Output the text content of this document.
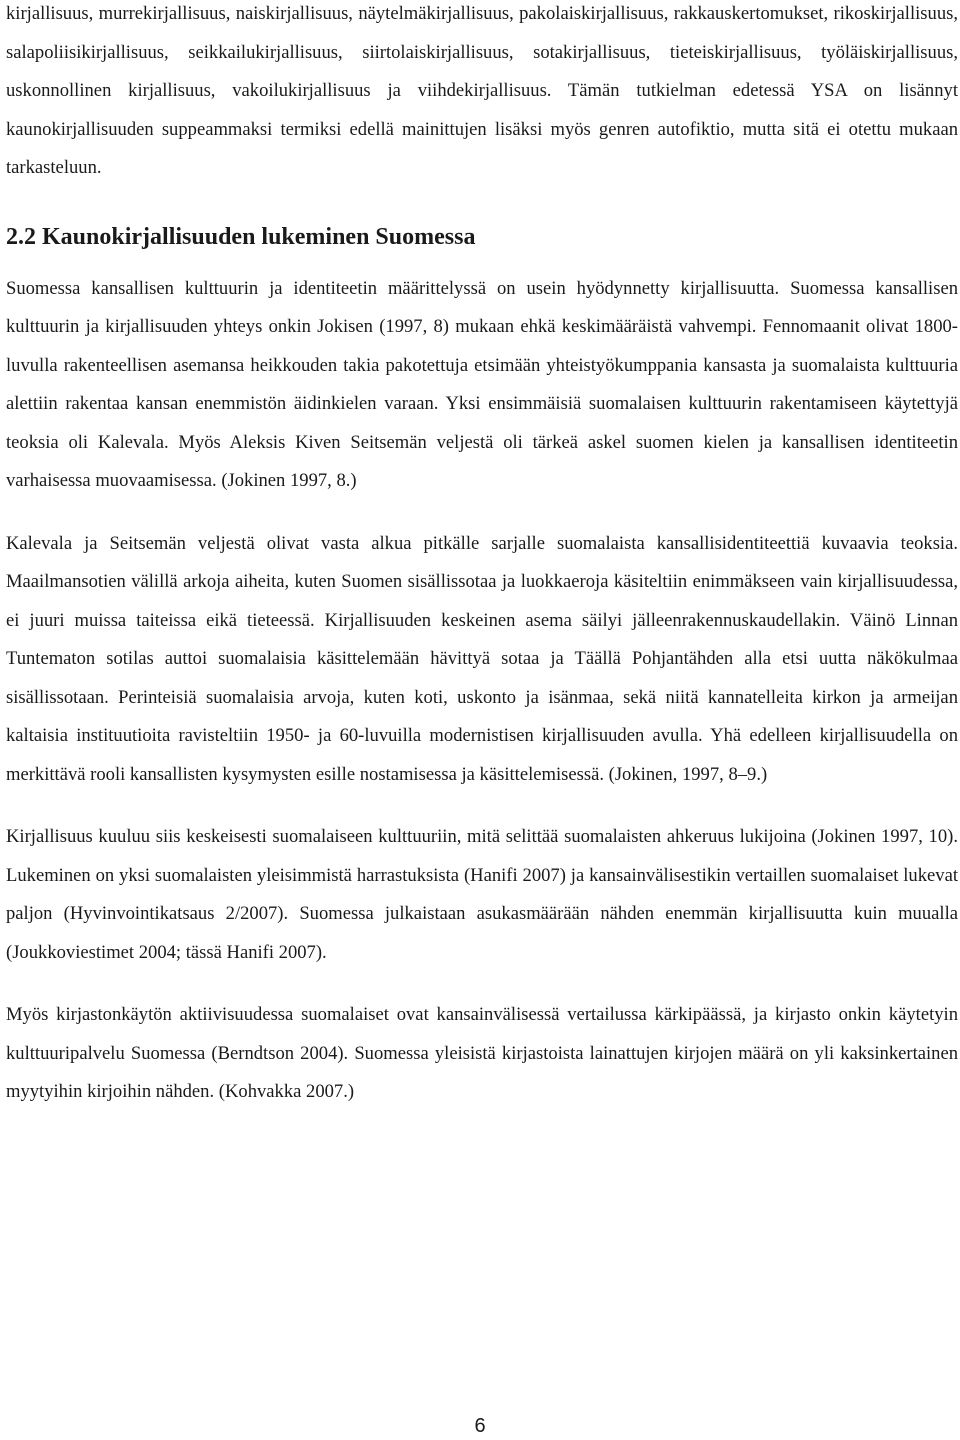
kirjallisuus, murrekirjallisuus, naiskirjallisuus, näytelmäkirjallisuus, pakolaiskirjallisuus, rakkauskertomukset, rikoskirjallisuus, salapoliisikirjallisuus, seikkailukirjallisuus, siirtolaiskirjallisuus, sotakirjallisuus, tieteiskirjallisuus, työläiskirjallisuus, uskonnollinen kirjallisuus, vakoilukirjallisuus ja viihdekirjallisuus. Tämän tutkielman edetessä YSA on lisännyt kaunokirjallisuuden suppeammaksi termiksi edellä mainittujen lisäksi myös genren autofiktio, mutta sitä ei otettu mukaan tarkasteluun.

2.2 Kaunokirjallisuuden lukeminen Suomessa

Suomessa kansallisen kulttuurin ja identiteetin määrittelyssä on usein hyödynnetty kirjallisuutta. Suomessa kansallisen kulttuurin ja kirjallisuuden yhteys onkin Jokisen (1997, 8) mukaan ehkä keskimääräistä vahvempi. Fennomaanit olivat 1800-luvulla rakenteellisen asemansa heikkouden takia pakotettuja etsimään yhteistyökumppania kansasta ja suomalaista kulttuuria alettiin rakentaa kansan enemmistön äidinkielen varaan. Yksi ensimmäisiä suomalaisen kulttuurin rakentamiseen käytettyjä teoksia oli Kalevala. Myös Aleksis Kiven Seitsemän veljestä oli tärkeä askel suomen kielen ja kansallisen identiteetin varhaisessa muovaamisessa. (Jokinen 1997, 8.)

Kalevala ja Seitsemän veljestä olivat vasta alkua pitkälle sarjalle suomalaista kansallisidentiteettiä kuvaavia teoksia. Maailmansotien välillä arkoja aiheita, kuten Suomen sisällissotaa ja luokkaeroja käsiteltiin enimmäkseen vain kirjallisuudessa, ei juuri muissa taiteissa eikä tieteessä. Kirjallisuuden keskeinen asema säilyi jälleenrakennuskaudellakin. Väinö Linnan Tuntematon sotilas auttoi suomalaisia käsittelemään hävittyä sotaa ja Täällä Pohjantähden alla etsi uutta näkökulmaa sisällissotaan. Perinteisiä suomalaisia arvoja, kuten koti, uskonto ja isänmaa, sekä niitä kannatelleita kirkon ja armeijan kaltaisia instituutioita ravisteltiin 1950- ja 60-luvuilla modernistisen kirjallisuuden avulla. Yhä edelleen kirjallisuudella on merkittävä rooli kansallisten kysymysten esille nostamisessa ja käsittelemisessä. (Jokinen, 1997, 8–9.)

Kirjallisuus kuuluu siis keskeisesti suomalaiseen kulttuuriin, mitä selittää suomalaisten ahkeruus lukijoina (Jokinen 1997, 10). Lukeminen on yksi suomalaisten yleisimmistä harrastuksista (Hanifi 2007) ja kansainvälisestikin vertaillen suomalaiset lukevat paljon (Hyvinvointikatsaus 2/2007). Suomessa julkaistaan asukasmäärään nähden enemmän kirjallisuutta kuin muualla (Joukkoviestimet 2004; tässä Hanifi 2007).

Myös kirjastonkäytön aktiivisuudessa suomalaiset ovat kansainvälisessä vertailussa kärkipäässä, ja kirjasto onkin käytetyin kulttuuripalvelu Suomessa (Berndtson 2004). Suomessa yleisistä kirjastoista lainattujen kirjojen määrä on yli kaksinkertainen myytyihin kirjoihin nähden. (Kohvakka 2007.)

6
